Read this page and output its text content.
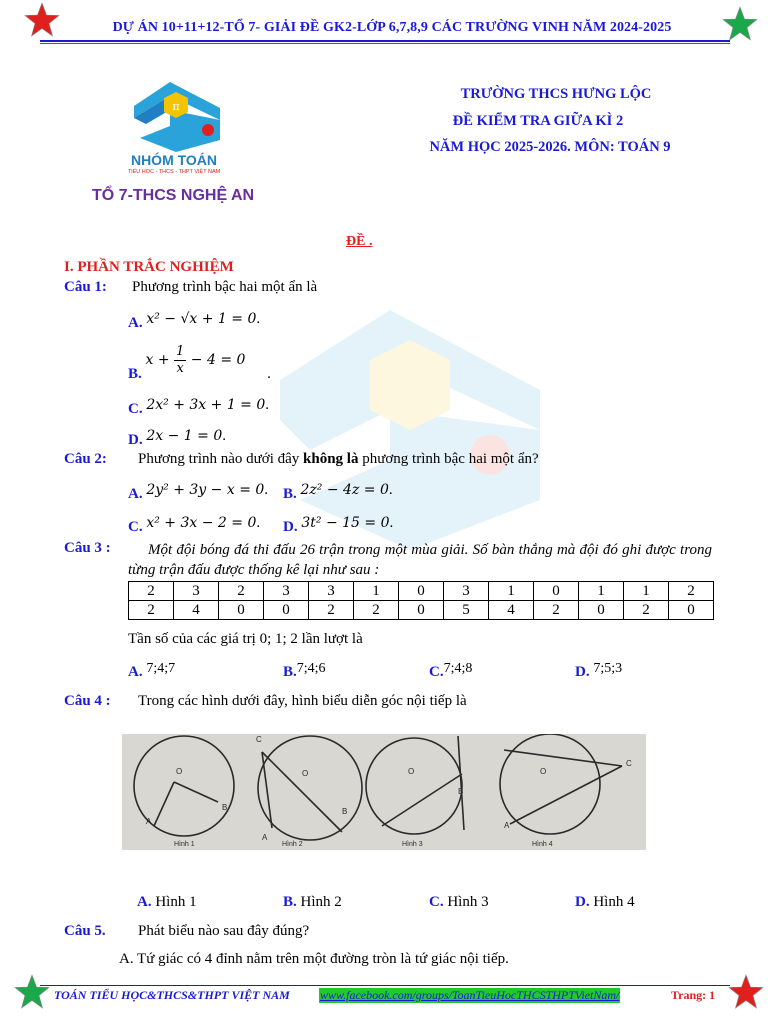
DỰ ÁN 10+11+12-TỔ 7- GIẢI ĐỀ GK2-LỚP 6,7,8,9 CÁC TRƯỜNG VINH NĂM 2024-2025
π
NHÓM TOÁN
TIỂU HỌC - THCS - THPT VIỆT NAM
TỔ 7-THCS NGHỆ AN
TRƯỜNG THCS HƯNG LỘC
ĐỀ KIỂM TRA GIỮA KÌ 2
NĂM HỌC 2025-2026. MÔN: TOÁN 9
ĐỀ .
I. PHẦN TRẮC NGHIỆM
Câu 1: Phương trình bậc hai một ẩn là
A. x² − √x + 1 = 0.
B. $x + \frac{1}{x} - 4 = 0$ .
C. 2x² + 3x + 1 = 0.
D. 2x − 1 = 0.
Câu 2: Phương trình nào dưới đây không là phương trình bậc hai một ẩn?
A. 2y² + 3y − x = 0. B. 2z² − 4z = 0.
C. x² + 3x − 2 = 0. D. 3t² − 15 = 0.
Câu 3 :	Một đội bóng đá thi đấu 26 trận trong một mùa giải. Số bàn thắng mà đội đó ghi được trong từng trận đấu được thống kê lại như sau :
2	3	2	3	3	1	0	3	1	0	1	1	2
2	4	0	0	2	2	0	5	4	2	0	2	0
Tần số của các giá trị 0; 1; 2 lần lượt là
A. 7;4;7	B.7;4;6	C.7;4;8	D. 7;5;3
Câu 4 : Trong các hình dưới đây, hình biểu diễn góc nội tiếp là
O	O	O	O
A
B
C
A
B
B
C
A
Hình 1	Hình 2	Hình 3	Hình 4
A. Hình 1	B. Hình 2	C. Hình 3	D. Hình 4
Câu 5. Phát biểu nào sau đây đúng?
A. Tứ giác có 4 đỉnh nằm trên một đường tròn là tứ giác nội tiếp.
TOÁN TIỂU HỌC&THCS&THPT VIỆT NAM	www.facebook.com/groups/ToanTieuHocTHCSTHPTVietNam/	Trang: 1
